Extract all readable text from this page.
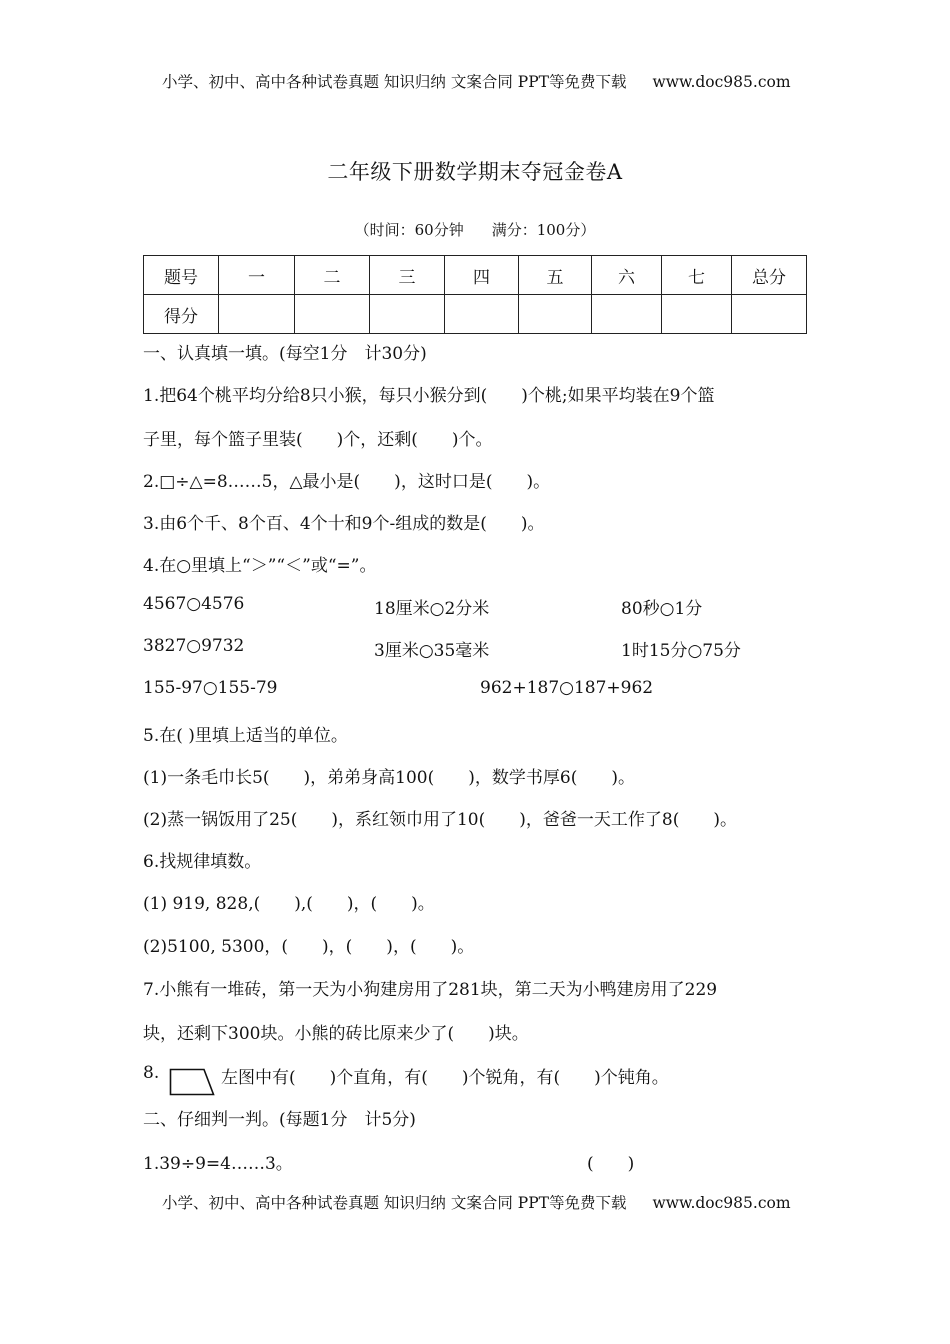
小学、初中、高中各种试卷真题 知识归纳 文案合同 PPT等免费下载 www.doc985.com
二年级下册数学期末夺冠金卷A
（时间：60分钟 满分：100分）
题号	一	二	三	四	五	六	七	总分
得分								
一、认真填一填。(每空1分　计30分)
1.把64个桃平均分给8只小猴，每只小猴分到(　　)个桃;如果平均装在9个篮
子里，每个篮子里装(　　)个，还剩(　　)个。
2.□÷△=8……5，△最小是(　　)，这时口是(　　)。
3.由6个千、8个百、4个十和9个-组成的数是(　　)。
4.在○里填上“＞”“＜”或“=”。
4567○4576	18厘米○2分米	80秒○1分
3827○9732	3厘米○35毫米	1时15分○75分
155-97○155-79	962+187○187+962
5.在( )里填上适当的单位。
(1)一条毛巾长5(　　)，弟弟身高100(　　)，数学书厚6(　　)。
(2)蒸一锅饭用了25(　　)，系红领巾用了10(　　)，爸爸一天工作了8(　　)。
6.找规律填数。
(1) 919, 828,(　　),(　　)，(　　)。
(2)5100, 5300，(　　)，(　　)，(　　)。
7.小熊有一堆砖，第一天为小狗建房用了281块，第二天为小鸭建房用了229
块，还剩下300块。小熊的砖比原来少了(　　)块。
8.	左图中有(　　)个直角，有(　　)个锐角，有(　　)个钝角。
二、仔细判一判。(每题1分　计5分)
1.39÷9=4……3。	(　　)
小学、初中、高中各种试卷真题 知识归纳 文案合同 PPT等免费下载 www.doc985.com
